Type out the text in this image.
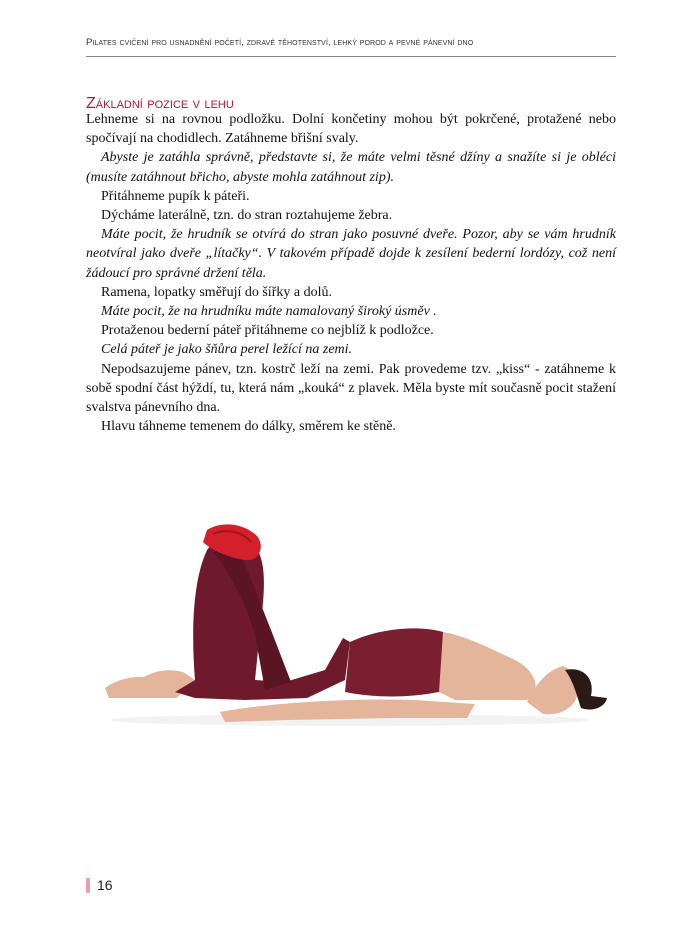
Pilates cvičení pro usnadnění početí, zdravé těhotenství, lehký porod a pevné pánevní dno
Základní pozice v lehu

Lehneme si na rovnou podložku. Dolní končetiny mohou být pokrčené, protažené nebo spočívají na chodidlech. Zatáhneme břišní svaly.

Abyste je zatáhla správně, představte si, že máte velmi těsné džíny a snažíte si je obléci (musíte zatáhnout břicho, abyste mohla zatáhnout zip).

Přitáhneme pupík k páteři.

Dýcháme laterálně, tzn. do stran roztahujeme žebra.

Máte pocit, že hrudník se otvírá do stran jako posuvné dveře. Pozor, aby se vám hrudník neotvíral jako dveře „lítačky“. V takovém případě dojde k zesílení bederní lordózy, což není žádoucí pro správné držení těla.

Ramena, lopatky směřují do šířky a dolů.

Máte pocit, že na hrudníku máte namalovaný široký úsměv .

Protaženou bederní páteř přitáhneme co nejblíž k podložce.

Celá páteř je jako šňůra perel ležící na zemi.

Nepodsazujeme pánev, tzn. kostrč leží na zemi. Pak provedeme tzv. „kiss“ - zatáhneme k sobě spodní část hýždí, tu, která nám „kouká“ z plavek. Měla byste mít současně pocit stažení svalstva pánevního dna.

Hlavu táhneme temenem do dálky, směrem ke stěně.

16
